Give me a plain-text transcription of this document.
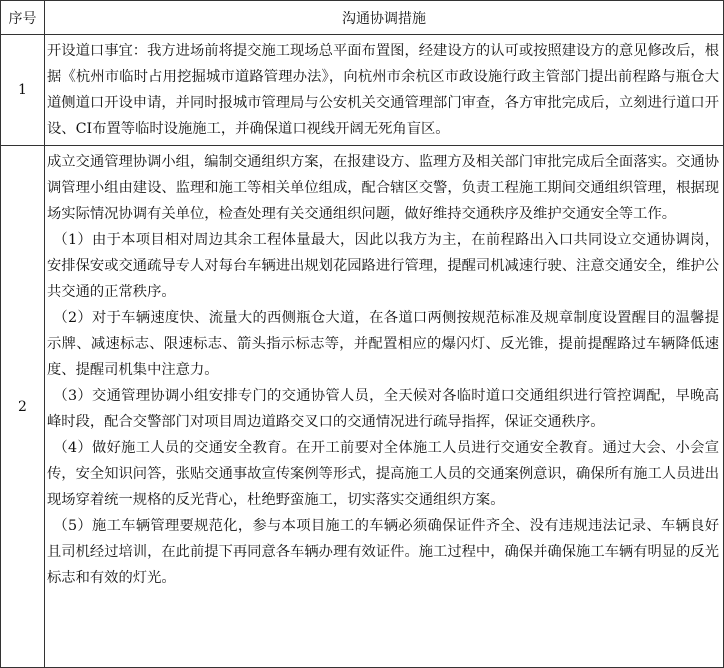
序号	沟通协调措施
1

开设道口事宜：我方进场前将提交施工现场总平面布置图，经建设方的认可或按照建设方的意见修改后，根据《杭州市临时占用挖掘城市道路管理办法》，向杭州市余杭区市政设施行政主管部门提出前程路与瓶仓大道侧道口开设申请，并同时报城市管理局与公安机关交通管理部门审查，各方审批完成后，立刻进行道口开设、CI布置等临时设施施工，并确保道口视线开阔无死角盲区。

2

成立交通管理协调小组，编制交通组织方案，在报建设方、监理方及相关部门审批完成后全面落实。交通协调管理小组由建设、监理和施工等相关单位组成，配合辖区交警，负责工程施工期间交通组织管理，根据现场实际情况协调有关单位，检查处理有关交通组织问题，做好维持交通秩序及维护交通安全等工作。

（1）由于本项目相对周边其余工程体量最大，因此以我方为主，在前程路出入口共同设立交通协调岗，安排保安或交通疏导专人对每台车辆进出规划花园路进行管理，提醒司机减速行驶、注意交通安全，维护公共交通的正常秩序。

（2）对于车辆速度快、流量大的西侧瓶仓大道，在各道口两侧按规范标准及规章制度设置醒目的温馨提示牌、减速标志、限速标志、箭头指示标志等，并配置相应的爆闪灯、反光锥，提前提醒路过车辆降低速度、提醒司机集中注意力。

（3）交通管理协调小组安排专门的交通协管人员，全天候对各临时道口交通组织进行管控调配，早晚高峰时段，配合交警部门对项目周边道路交叉口的交通情况进行疏导指挥，保证交通秩序。

（4）做好施工人员的交通安全教育。在开工前要对全体施工人员进行交通安全教育。通过大会、小会宣传，安全知识问答，张贴交通事故宣传案例等形式，提高施工人员的交通案例意识，确保所有施工人员进出现场穿着统一规格的反光背心，杜绝野蛮施工，切实落实交通组织方案。

（5）施工车辆管理要规范化，参与本项目施工的车辆必须确保证件齐全、没有违规违法记录、车辆良好且司机经过培训，在此前提下再同意各车辆办理有效证件。施工过程中，确保并确保施工车辆有明显的反光标志和有效的灯光。
